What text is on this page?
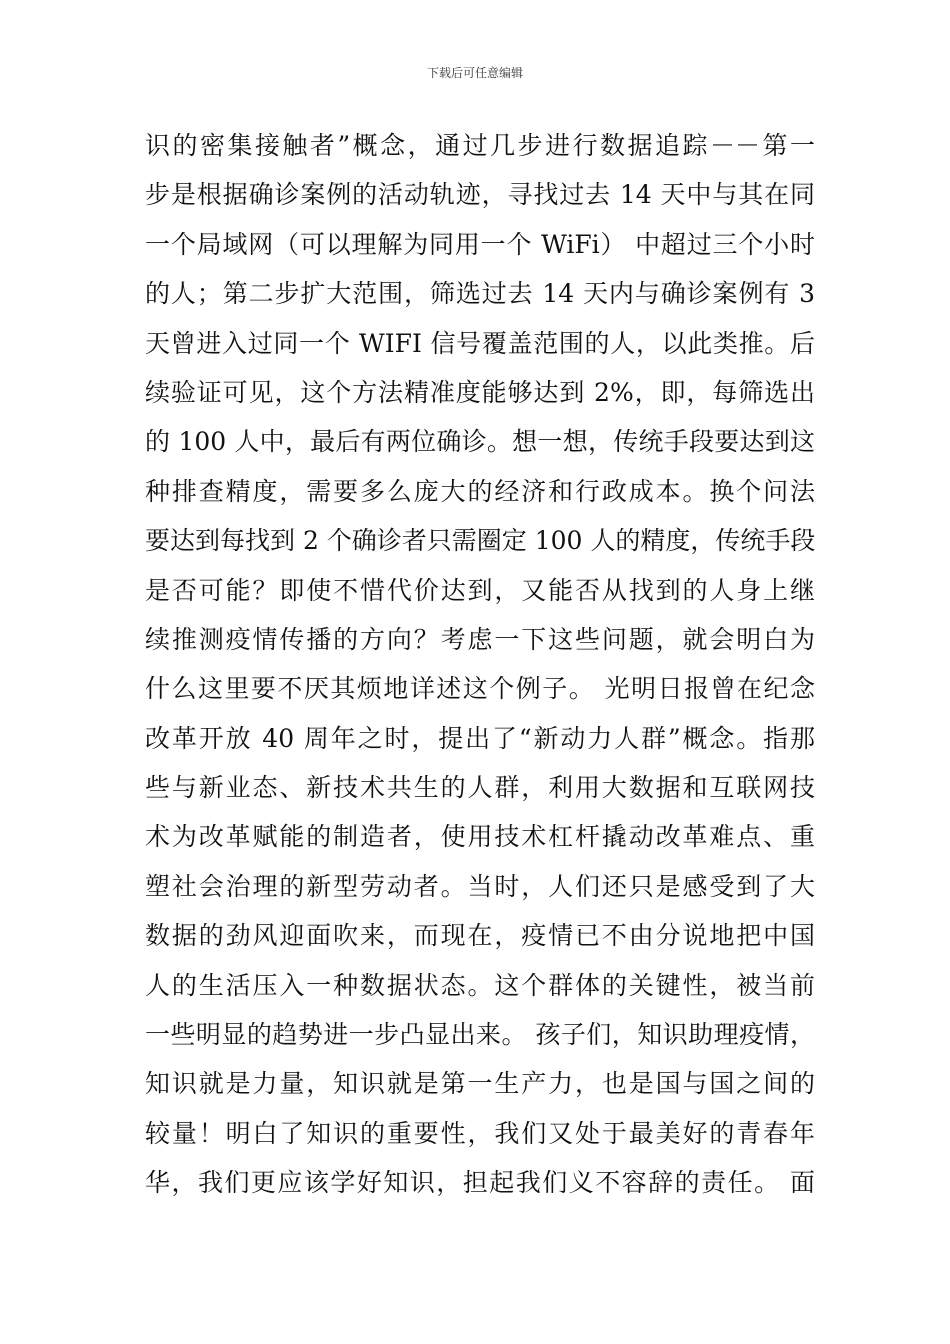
下载后可任意编辑
识的密集接触者”概念，通过几步进行数据追踪－－第一
步是根据确诊案例的活动轨迹，寻找过去 14 天中与其在同
一个局域网（可以理解为同用一个 WiFi） 中超过三个小时
的人；第二步扩大范围，筛选过去 14 天内与确诊案例有 3
天曾进入过同一个 WIFI 信号覆盖范围的人，以此类推。后
续验证可见，这个方法精准度能够达到 2%，即，每筛选出
的 100 人中，最后有两位确诊。想一想，传统手段要达到这
种排查精度，需要多么庞大的经济和行政成本。换个问法
要达到每找到 2 个确诊者只需圈定 100 人的精度，传统手段
是否可能？即使不惜代价达到，又能否从找到的人身上继
续推测疫情传播的方向？考虑一下这些问题，就会明白为
什么这里要不厌其烦地详述这个例子。 光明日报曾在纪念
改革开放 40 周年之时，提出了“新动力人群”概念。指那
些与新业态、新技术共生的人群，利用大数据和互联网技
术为改革赋能的制造者，使用技术杠杆撬动改革难点、重
塑社会治理的新型劳动者。当时，人们还只是感受到了大
数据的劲风迎面吹来，而现在，疫情已不由分说地把中国
人的生活压入一种数据状态。这个群体的关键性，被当前
一些明显的趋势进一步凸显出来。 孩子们，知识助理疫情，
知识就是力量，知识就是第一生产力，也是国与国之间的
较量！明白了知识的重要性，我们又处于最美好的青春年
华，我们更应该学好知识，担起我们义不容辞的责任。 面
